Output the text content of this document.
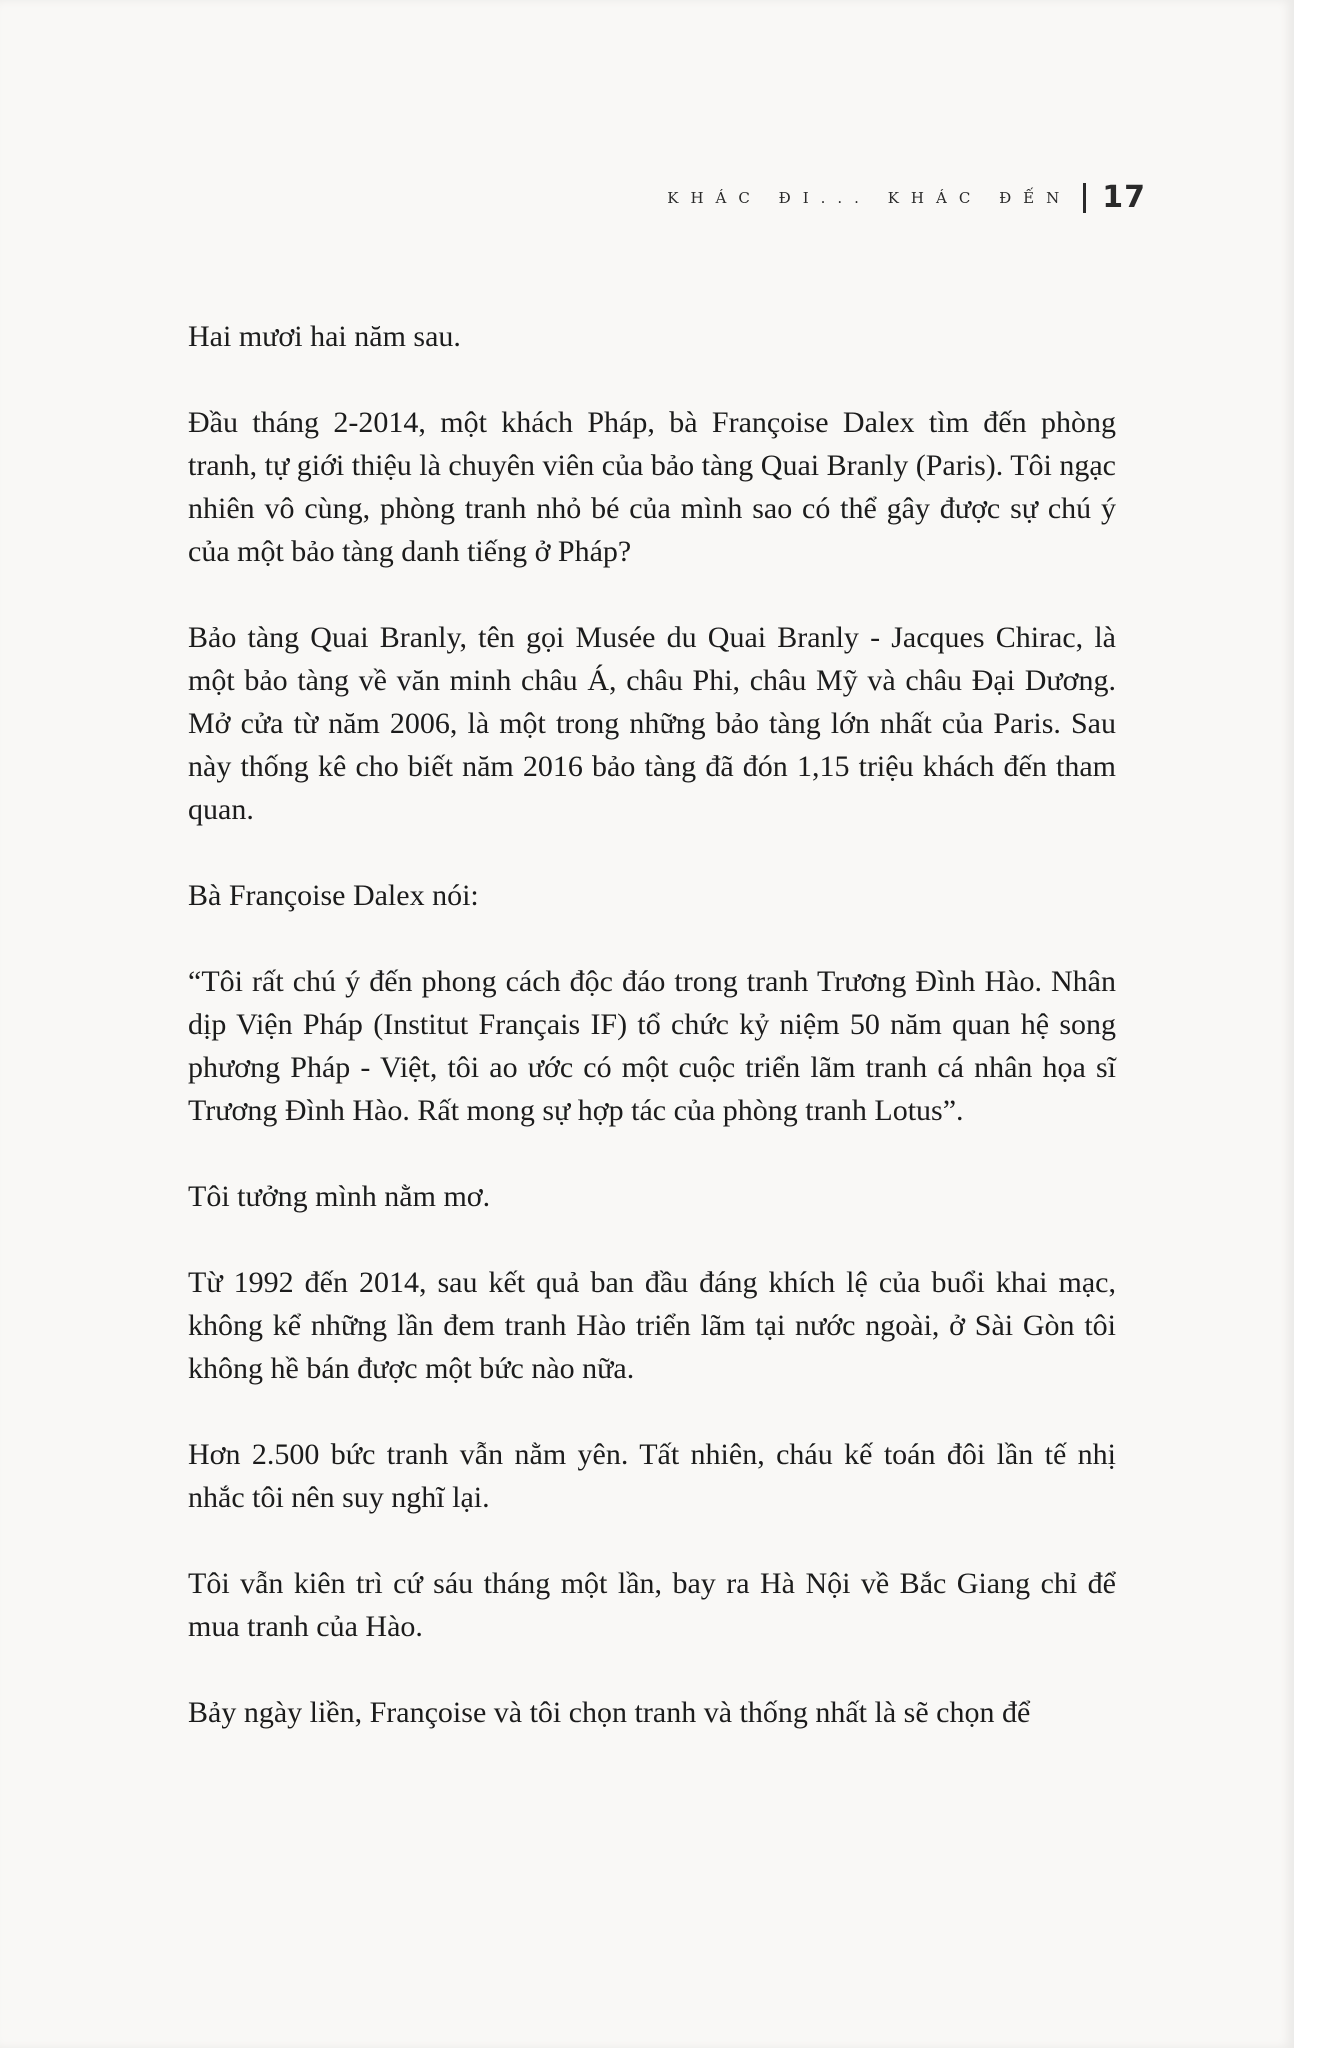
KHÁC ĐI... KHÁC ĐẾN 17

Hai mươi hai năm sau.

Đầu tháng 2-2014, một khách Pháp, bà Françoise Dalex tìm đến phòng tranh, tự giới thiệu là chuyên viên của bảo tàng Quai Branly (Paris). Tôi ngạc nhiên vô cùng, phòng tranh nhỏ bé của mình sao có thể gây được sự chú ý của một bảo tàng danh tiếng ở Pháp?

Bảo tàng Quai Branly, tên gọi Musée du Quai Branly - Jacques Chirac, là một bảo tàng về văn minh châu Á, châu Phi, châu Mỹ và châu Đại Dương. Mở cửa từ năm 2006, là một trong những bảo tàng lớn nhất của Paris. Sau này thống kê cho biết năm 2016 bảo tàng đã đón 1,15 triệu khách đến tham quan.

Bà Françoise Dalex nói:

“Tôi rất chú ý đến phong cách độc đáo trong tranh Trương Đình Hào. Nhân dịp Viện Pháp (Institut Français IF) tổ chức kỷ niệm 50 năm quan hệ song phương Pháp - Việt, tôi ao ước có một cuộc triển lãm tranh cá nhân họa sĩ Trương Đình Hào. Rất mong sự hợp tác của phòng tranh Lotus”.

Tôi tưởng mình nằm mơ.

Từ 1992 đến 2014, sau kết quả ban đầu đáng khích lệ của buổi khai mạc, không kể những lần đem tranh Hào triển lãm tại nước ngoài, ở Sài Gòn tôi không hề bán được một bức nào nữa.

Hơn 2.500 bức tranh vẫn nằm yên. Tất nhiên, cháu kế toán đôi lần tế nhị nhắc tôi nên suy nghĩ lại.

Tôi vẫn kiên trì cứ sáu tháng một lần, bay ra Hà Nội về Bắc Giang chỉ để mua tranh của Hào.

Bảy ngày liền, Françoise và tôi chọn tranh và thống nhất là sẽ chọn để
